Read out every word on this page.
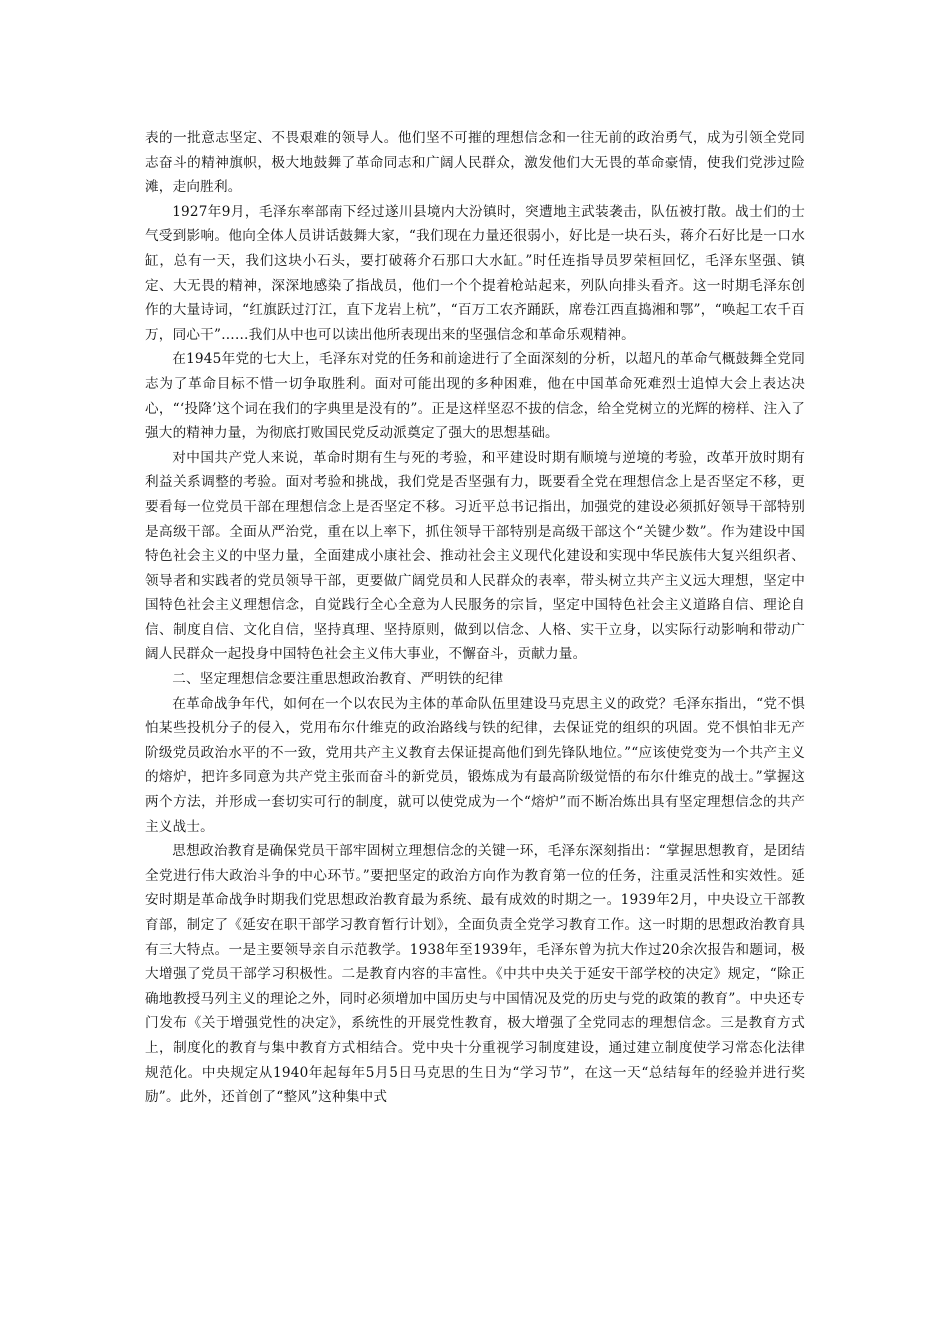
表的一批意志坚定、不畏艰难的领导人。他们坚不可摧的理想信念和一往无前的政治勇气，成为引领全党同志奋斗的精神旗帜，极大地鼓舞了革命同志和广阔人民群众，激发他们大无畏的革命豪情，使我们党涉过险滩，走向胜利。

1927年9月，毛泽东率部南下经过遂川县境内大汾镇时，突遭地主武装袭击，队伍被打散。战士们的士气受到影响。他向全体人员讲话鼓舞大家，“我们现在力量还很弱小，好比是一块石头，蒋介石好比是一口水缸，总有一天，我们这块小石头，要打破蒋介石那口大水缸。”时任连指导员罗荣桓回忆，毛泽东坚强、镇定、大无畏的精神，深深地感染了指战员，他们一个个提着枪站起来，列队向排头看齐。这一时期毛泽东创作的大量诗词，“红旗跃过汀江，直下龙岩上杭”，“百万工农齐踊跃，席卷江西直捣湘和鄂”，“唤起工农千百万，同心干”……我们从中也可以读出他所表现出来的坚强信念和革命乐观精神。

在1945年党的七大上，毛泽东对党的任务和前途进行了全面深刻的分析，以超凡的革命气概鼓舞全党同志为了革命目标不惜一切争取胜利。面对可能出现的多种困难，他在中国革命死难烈士追悼大会上表达决心，“‘投降’这个词在我们的字典里是没有的”。正是这样坚忍不拔的信念，给全党树立的光辉的榜样、注入了强大的精神力量，为彻底打败国民党反动派奠定了强大的思想基础。

对中国共产党人来说，革命时期有生与死的考验，和平建设时期有顺境与逆境的考验，改革开放时期有利益关系调整的考验。面对考验和挑战，我们党是否坚强有力，既要看全党在理想信念上是否坚定不移，更要看每一位党员干部在理想信念上是否坚定不移。习近平总书记指出，加强党的建设必须抓好领导干部特别是高级干部。全面从严治党，重在以上率下，抓住领导干部特别是高级干部这个“关键少数”。作为建设中国特色社会主义的中坚力量，全面建成小康社会、推动社会主义现代化建设和实现中华民族伟大复兴组织者、领导者和实践者的党员领导干部，更要做广阔党员和人民群众的表率，带头树立共产主义远大理想，坚定中国特色社会主义理想信念，自觉践行全心全意为人民服务的宗旨，坚定中国特色社会主义道路自信、理论自信、制度自信、文化自信，坚持真理、坚持原则，做到以信念、人格、实干立身，以实际行动影响和带动广阔人民群众一起投身中国特色社会主义伟大事业，不懈奋斗，贡献力量。

二、坚定理想信念要注重思想政治教育、严明铁的纪律

在革命战争年代，如何在一个以农民为主体的革命队伍里建设马克思主义的政党？毛泽东指出，“党不惧怕某些投机分子的侵入，党用布尔什维克的政治路线与铁的纪律，去保证党的组织的巩固。党不惧怕非无产阶级党员政治水平的不一致，党用共产主义教育去保证提高他们到先锋队地位。”“应该使党变为一个共产主义的熔炉，把许多同意为共产党主张而奋斗的新党员，锻炼成为有最高阶级觉悟的布尔什维克的战士。”掌握这两个方法，并形成一套切实可行的制度，就可以使党成为一个“熔炉”而不断冶炼出具有坚定理想信念的共产主义战士。

思想政治教育是确保党员干部牢固树立理想信念的关键一环，毛泽东深刻指出：“掌握思想教育，是团结全党进行伟大政治斗争的中心环节。”要把坚定的政治方向作为教育第一位的任务，注重灵活性和实效性。延安时期是革命战争时期我们党思想政治教育最为系统、最有成效的时期之一。1939年2月，中央设立干部教育部，制定了《延安在职干部学习教育暂行计划》，全面负责全党学习教育工作。这一时期的思想政治教育具有三大特点。一是主要领导亲自示范教学。1938年至1939年，毛泽东曾为抗大作过20余次报告和题词，极大增强了党员干部学习积极性。二是教育内容的丰富性。《中共中央关于延安干部学校的决定》规定，“除正确地教授马列主义的理论之外，同时必须增加中国历史与中国情况及党的历史与党的政策的教育”。中央还专门发布《关于增强党性的决定》，系统性的开展党性教育，极大增强了全党同志的理想信念。三是教育方式上，制度化的教育与集中教育方式相结合。党中央十分重视学习制度建设，通过建立制度使学习常态化法律规范化。中央规定从1940年起每年5月5日马克思的生日为“学习节”，在这一天“总结每年的经验并进行奖励”。此外，还首创了“整风”这种集中式
